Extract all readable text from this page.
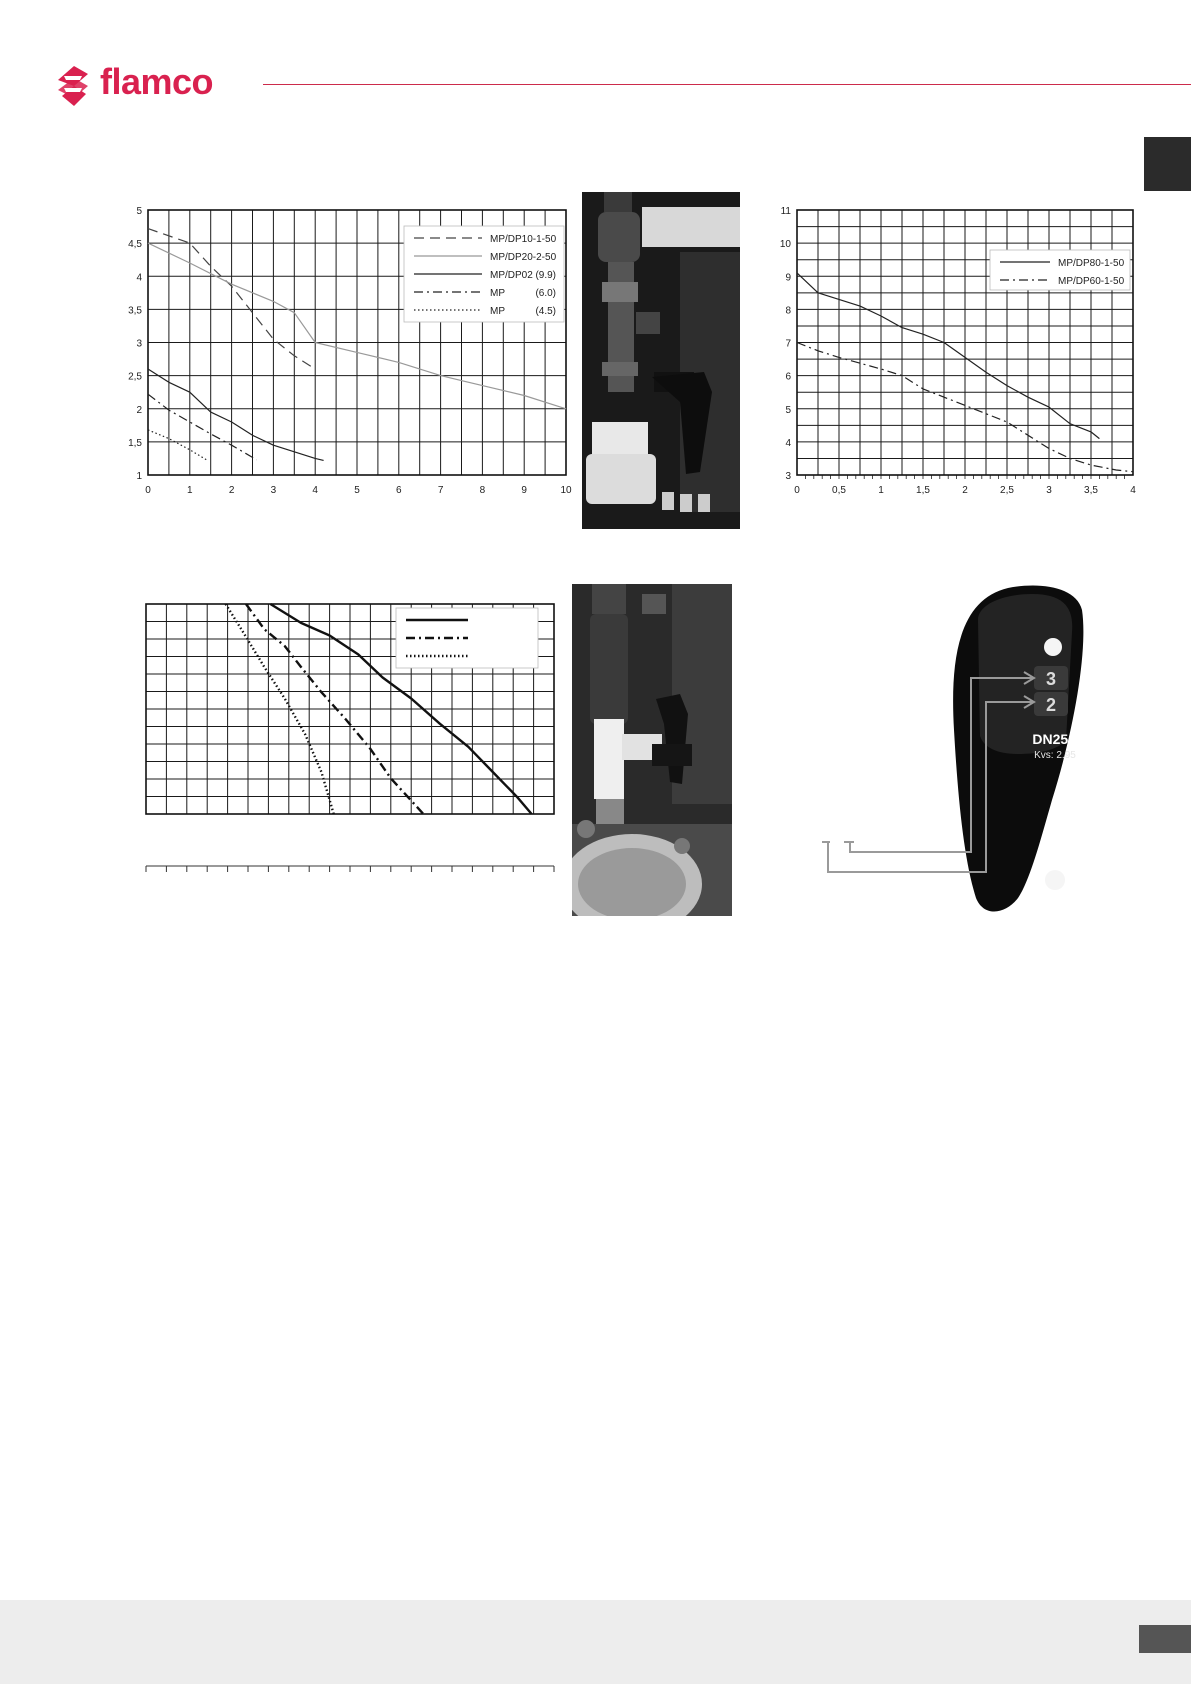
flamco
0	1	2	3	4	5	6	7	8	9	10
1
1,5
2
2,5
3
3,5
4
4,5
5
MP/DP10-1-50
MP/DP20-2-50
MP/DP02 (9.9)
MP	(6.0)
MP	(4.5)
0	0,5	1	1,5	2	2,5	3	3,5	4
3
4
5
6
7
8
9
10
11
MP/DP80-1-50
MP/DP60-1-50
3
2
DN25S
Kvs: 2.95
